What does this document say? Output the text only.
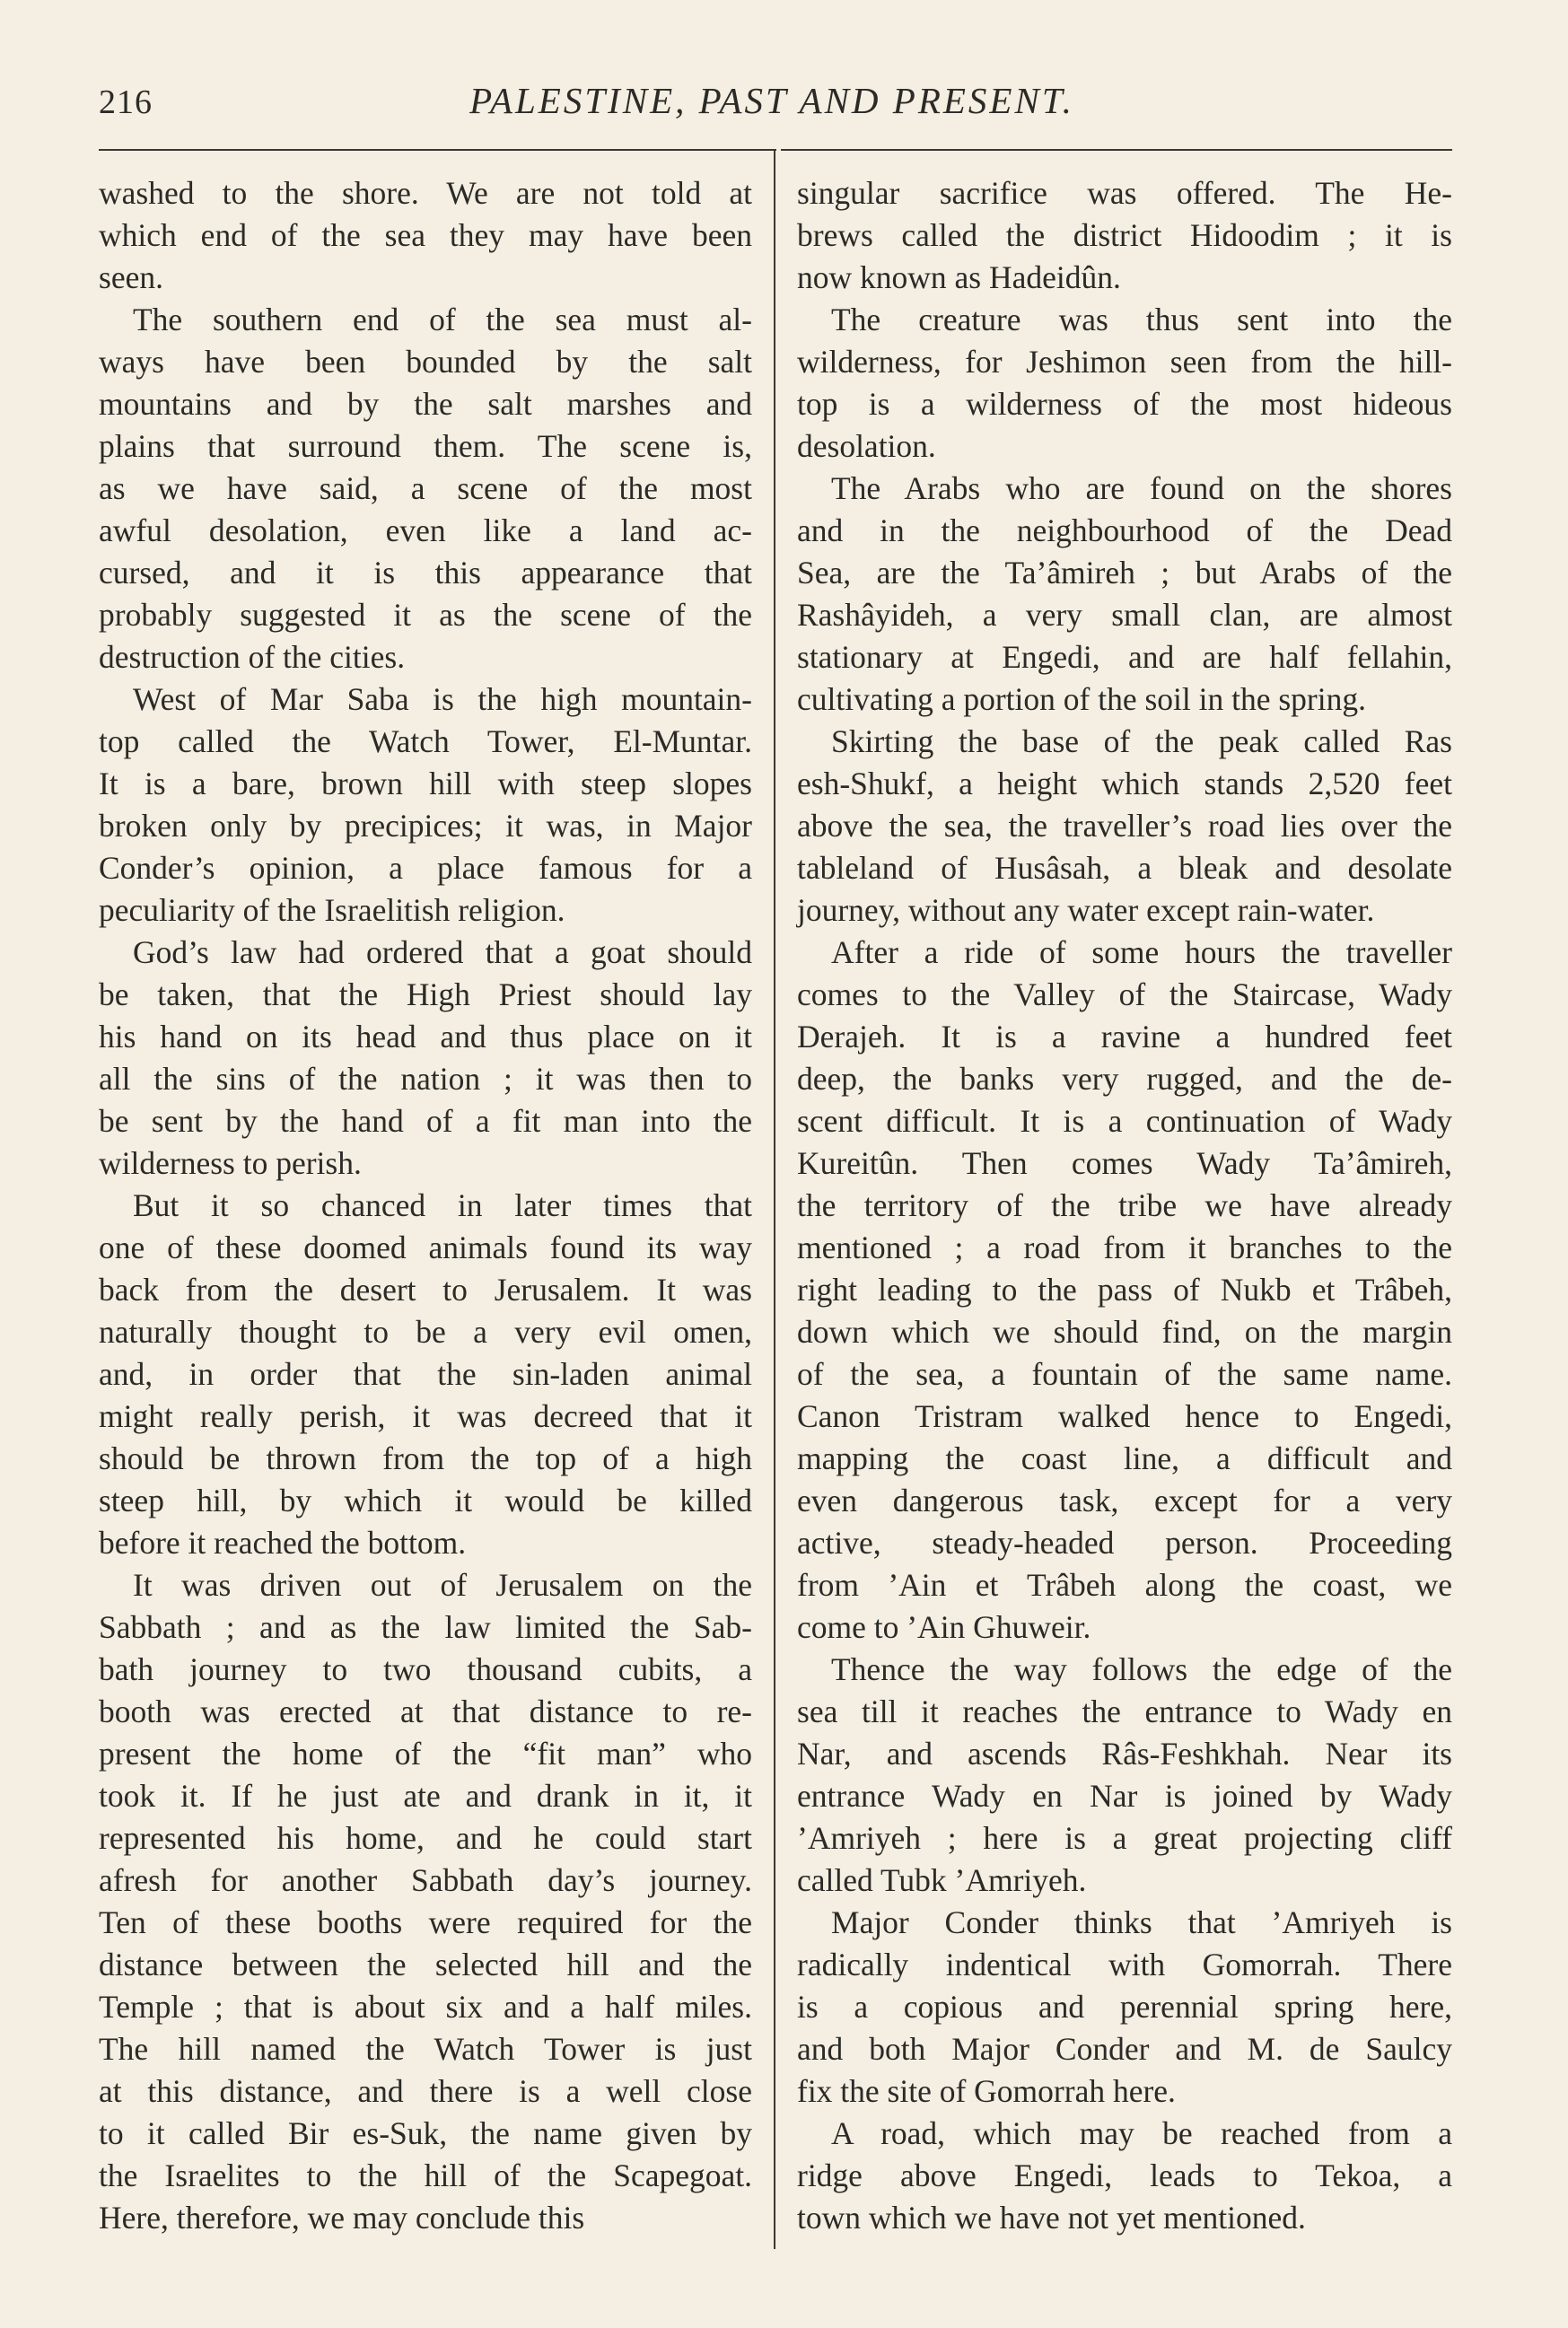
216	PALESTINE, PAST AND PRESENT.

washed to the shore. We are not told at
which end of the sea they may have been
seen.

The southern end of the sea must al-
ways have been bounded by the salt
mountains and by the salt marshes and
plains that surround them. The scene is,
as we have said, a scene of the most
awful desolation, even like a land ac-
cursed, and it is this appearance that
probably suggested it as the scene of the
destruction of the cities.

West of Mar Saba is the high mountain-
top called the Watch Tower, El-Muntar.
It is a bare, brown hill with steep slopes
broken only by precipices; it was, in Major
Conder’s opinion, a place famous for a
peculiarity of the Israelitish religion.

God’s law had ordered that a goat should
be taken, that the High Priest should lay
his hand on its head and thus place on it
all the sins of the nation ; it was then to
be sent by the hand of a fit man into the
wilderness to perish.

But it so chanced in later times that
one of these doomed animals found its way
back from the desert to Jerusalem. It was
naturally thought to be a very evil omen,
and, in order that the sin-laden animal
might really perish, it was decreed that it
should be thrown from the top of a high
steep hill, by which it would be killed
before it reached the bottom.

It was driven out of Jerusalem on the
Sabbath ; and as the law limited the Sab-
bath journey to two thousand cubits, a
booth was erected at that distance to re-
present the home of the “fit man” who
took it. If he just ate and drank in it, it
represented his home, and he could start
afresh for another Sabbath day’s journey.
Ten of these booths were required for the
distance between the selected hill and the
Temple ; that is about six and a half miles.
The hill named the Watch Tower is just
at this distance, and there is a well close
to it called Bir es-Suk, the name given by
the Israelites to the hill of the Scapegoat.
Here, therefore, we may conclude this

singular sacrifice was offered. The He-
brews called the district Hidoodim ; it is
now known as Hadeidûn.

The creature was thus sent into the
wilderness, for Jeshimon seen from the hill-
top is a wilderness of the most hideous
desolation.

The Arabs who are found on the shores
and in the neighbourhood of the Dead
Sea, are the Ta’âmireh ; but Arabs of the
Rashâyideh, a very small clan, are almost
stationary at Engedi, and are half fellahin,
cultivating a portion of the soil in the spring.

Skirting the base of the peak called Ras
esh-Shukf, a height which stands 2,520 feet
above the sea, the traveller’s road lies over the
tableland of Husâsah, a bleak and desolate
journey, without any water except rain-water.

After a ride of some hours the traveller
comes to the Valley of the Staircase, Wady
Derajeh. It is a ravine a hundred feet
deep, the banks very rugged, and the de-
scent difficult. It is a continuation of Wady
Kureitûn. Then comes Wady Ta’âmireh,
the territory of the tribe we have already
mentioned ; a road from it branches to the
right leading to the pass of Nukb et Trâbeh,
down which we should find, on the margin
of the sea, a fountain of the same name.
Canon Tristram walked hence to Engedi,
mapping the coast line, a difficult and
even dangerous task, except for a very
active, steady-headed person. Proceeding
from ’Ain et Trâbeh along the coast, we
come to ’Ain Ghuweir.

Thence the way follows the edge of the
sea till it reaches the entrance to Wady en
Nar, and ascends Râs-Feshkhah. Near its
entrance Wady en Nar is joined by Wady
’Amriyeh ; here is a great projecting cliff
called Tubk ’Amriyeh.

Major Conder thinks that ’Amriyeh is
radically indentical with Gomorrah. There
is a copious and perennial spring here,
and both Major Conder and M. de Saulcy
fix the site of Gomorrah here.

A road, which may be reached from a
ridge above Engedi, leads to Tekoa, a
town which we have not yet mentioned.
